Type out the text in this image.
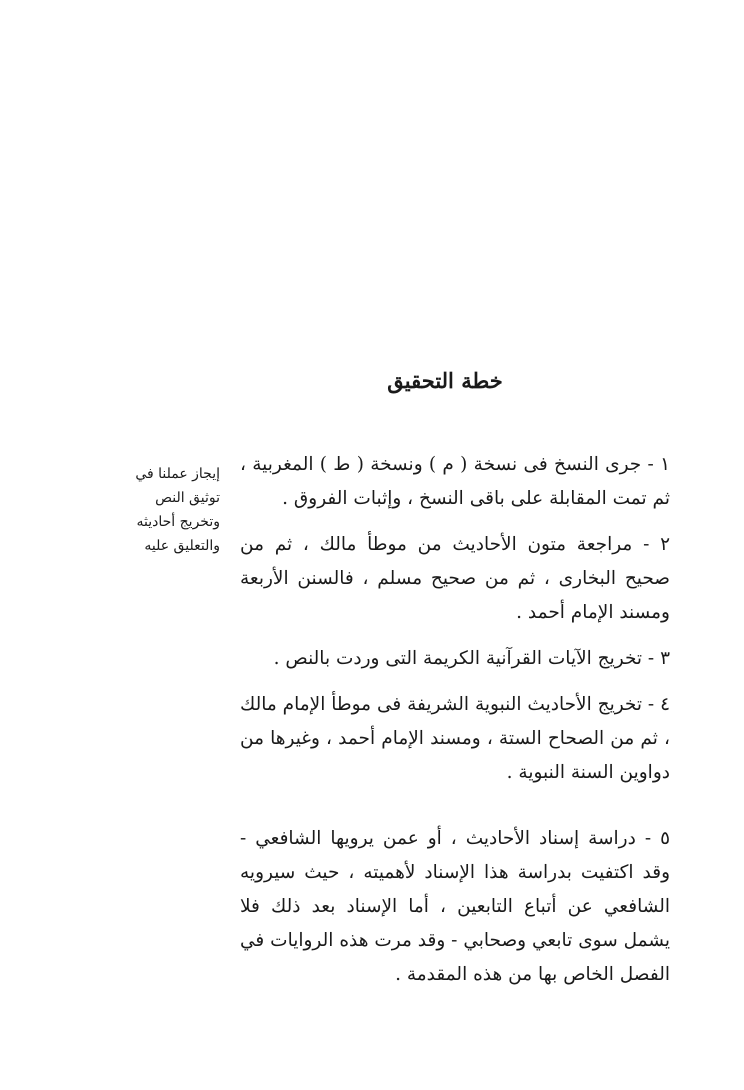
خطة التحقيق
إيجاز عملنا في
توثيق النص
وتخريج أحاديثه
والتعليق عليه

١ - جرى النسخ فى نسخة ( م ) ونسخة ( ط ) المغربية ، ثم تمت المقابلة على باقى النسخ ، وإثبات الفروق .

٢ - مراجعة متون الأحاديث من موطأ مالك ، ثم من صحيح البخارى ، ثم من صحيح مسلم ، فالسنن الأربعة ومسند الإمام أحمد .

٣ - تخريج الآيات القرآنية الكريمة التى وردت بالنص .

٤ - تخريج الأحاديث النبوية الشريفة فى موطأ الإمام مالك ، ثم من الصحاح الستة ، ومسند الإمام أحمد ، وغيرها من دواوين السنة النبوية .

٥ - دراسة إسناد الأحاديث ، أو عمن يرويها الشافعي - وقد اكتفيت بدراسة هذا الإسناد لأهميته ، حيث سيرويه الشافعي عن أتباع التابعين ، أما الإسناد بعد ذلك فلا يشمل سوى تابعي وصحابي - وقد مرت هذه الروايات في الفصل الخاص بها من هذه المقدمة .
